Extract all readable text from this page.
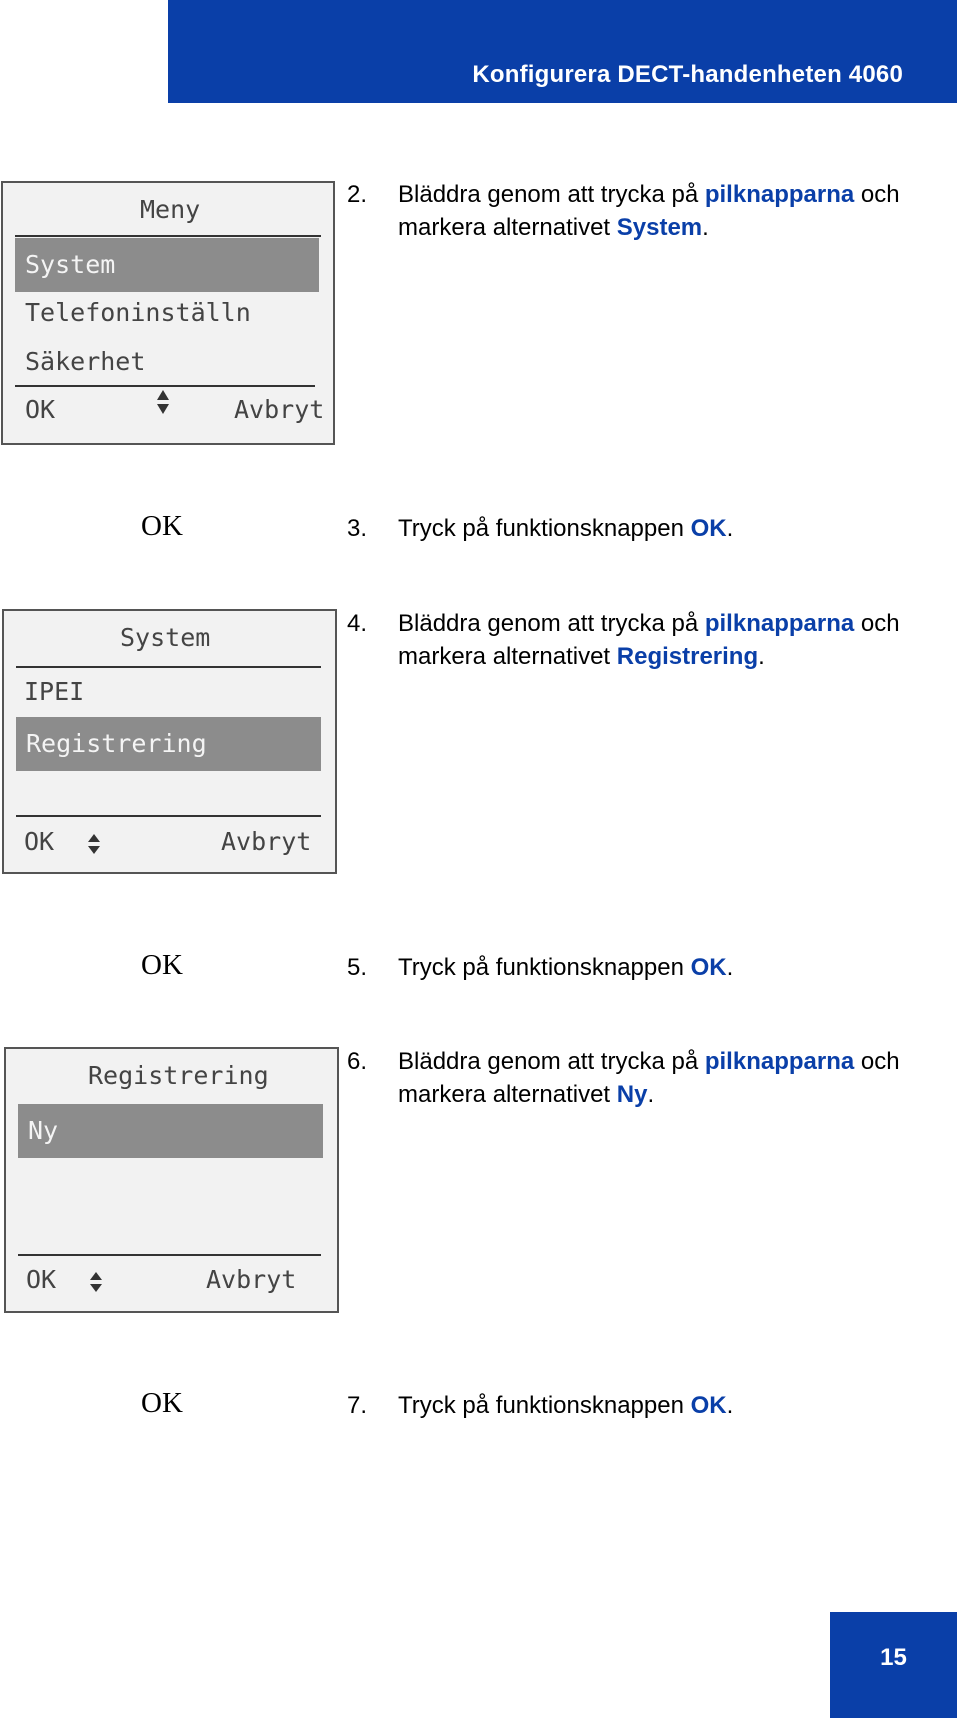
Konfigurera DECT-handenheten 4060
Meny
System
Telefoninställn
Säkerhet
OK	Avbryt
2. Bläddra genom att trycka på pilknapparna och markera alternativet System.
OK	3. Tryck på funktionsknappen OK.
System
IPEI
Registrering
OK	Avbryt
4. Bläddra genom att trycka på pilknapparna och markera alternativet Registrering.
OK	5. Tryck på funktionsknappen OK.
Registrering
Ny
OK	Avbryt
6. Bläddra genom att trycka på pilknapparna och markera alternativet Ny.
OK	7. Tryck på funktionsknappen OK.
15
